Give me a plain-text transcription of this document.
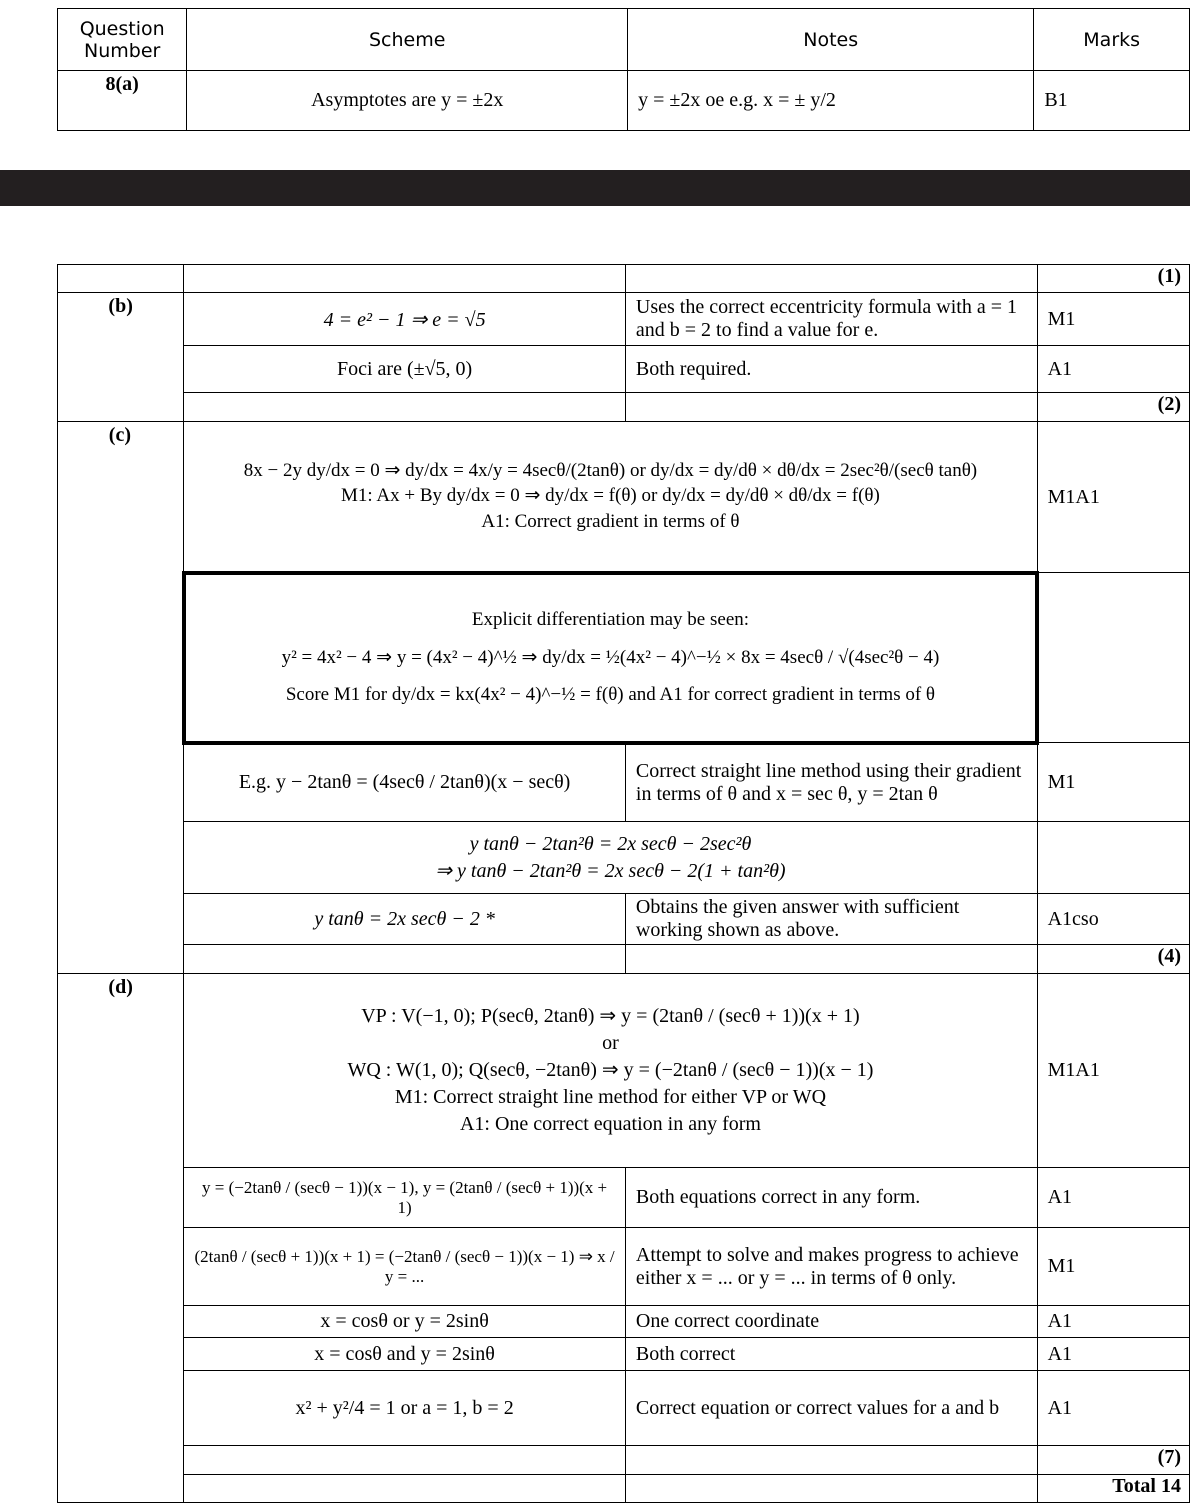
Question Number	Scheme	Notes	Marks
8(a)	Asymptotes are y = ±2x	y = ±2x oe e.g. x = ± y/2	B1
			(1)
(b)	4 = e² − 1 ⇒ e = √5	Uses the correct eccentricity formula with a = 1 and b = 2 to find a value for e.	M1
	Foci are (±√5, 0)	Both required.	A1
			(2)
(c)	8x − 2y dy/dx = 0 ⇒ dy/dx = 4x/y = 4secθ/(2tanθ) or dy/dx = dy/dθ × dθ/dx = 2sec²θ/(secθ tanθ)
M1: Ax + By dy/dx = 0 ⇒ dy/dx = f(θ) or dy/dx = dy/dθ × dθ/dx = f(θ)
A1: Correct gradient in terms of θ		M1A1

	Explicit differentiation may be seen:
y² = 4x² − 4 ⇒ y = (4x² − 4)^½ ⇒ dy/dx = ½(4x² − 4)^−½ × 8x = 4secθ / √(4sec²θ − 4)
Score M1 for dy/dx = kx(4x² − 4)^−½ = f(θ) and A1 for correct gradient in terms of θ		

	E.g. y − 2tanθ = (4secθ / 2tanθ)(x − secθ)	Correct straight line method using their gradient in terms of θ and x = sec θ, y = 2tan θ	M1

	y tanθ − 2tan²θ = 2x secθ − 2sec²θ
⇒ y tanθ − 2tan²θ = 2x secθ − 2(1 + tan²θ)		

	y tanθ = 2x secθ − 2 *	Obtains the given answer with sufficient working shown as above.	A1cso
			(4)
(d)	VP : V(−1, 0); P(secθ, 2tanθ) ⇒ y = (2tanθ / (secθ + 1))(x + 1)
or
WQ : W(1, 0); Q(secθ, −2tanθ) ⇒ y = (−2tanθ / (secθ − 1))(x − 1)
M1: Correct straight line method for either VP or WQ
A1: One correct equation in any form		M1A1
	y = (−2tanθ / (secθ − 1))(x − 1), y = (2tanθ / (secθ + 1))(x + 1)	Both equations correct in any form.	A1
	(2tanθ / (secθ + 1))(x + 1) = (−2tanθ / (secθ − 1))(x − 1) ⇒ x / y = ...	Attempt to solve and makes progress to achieve either x = ... or y = ... in terms of θ only.	M1
	x = cosθ or y = 2sinθ	One correct coordinate	A1
	x = cosθ and y = 2sinθ	Both correct	A1
	x² + y²/4 = 1 or a = 1, b = 2	Correct equation or correct values for a and b	A1
			(7)
			Total 14
